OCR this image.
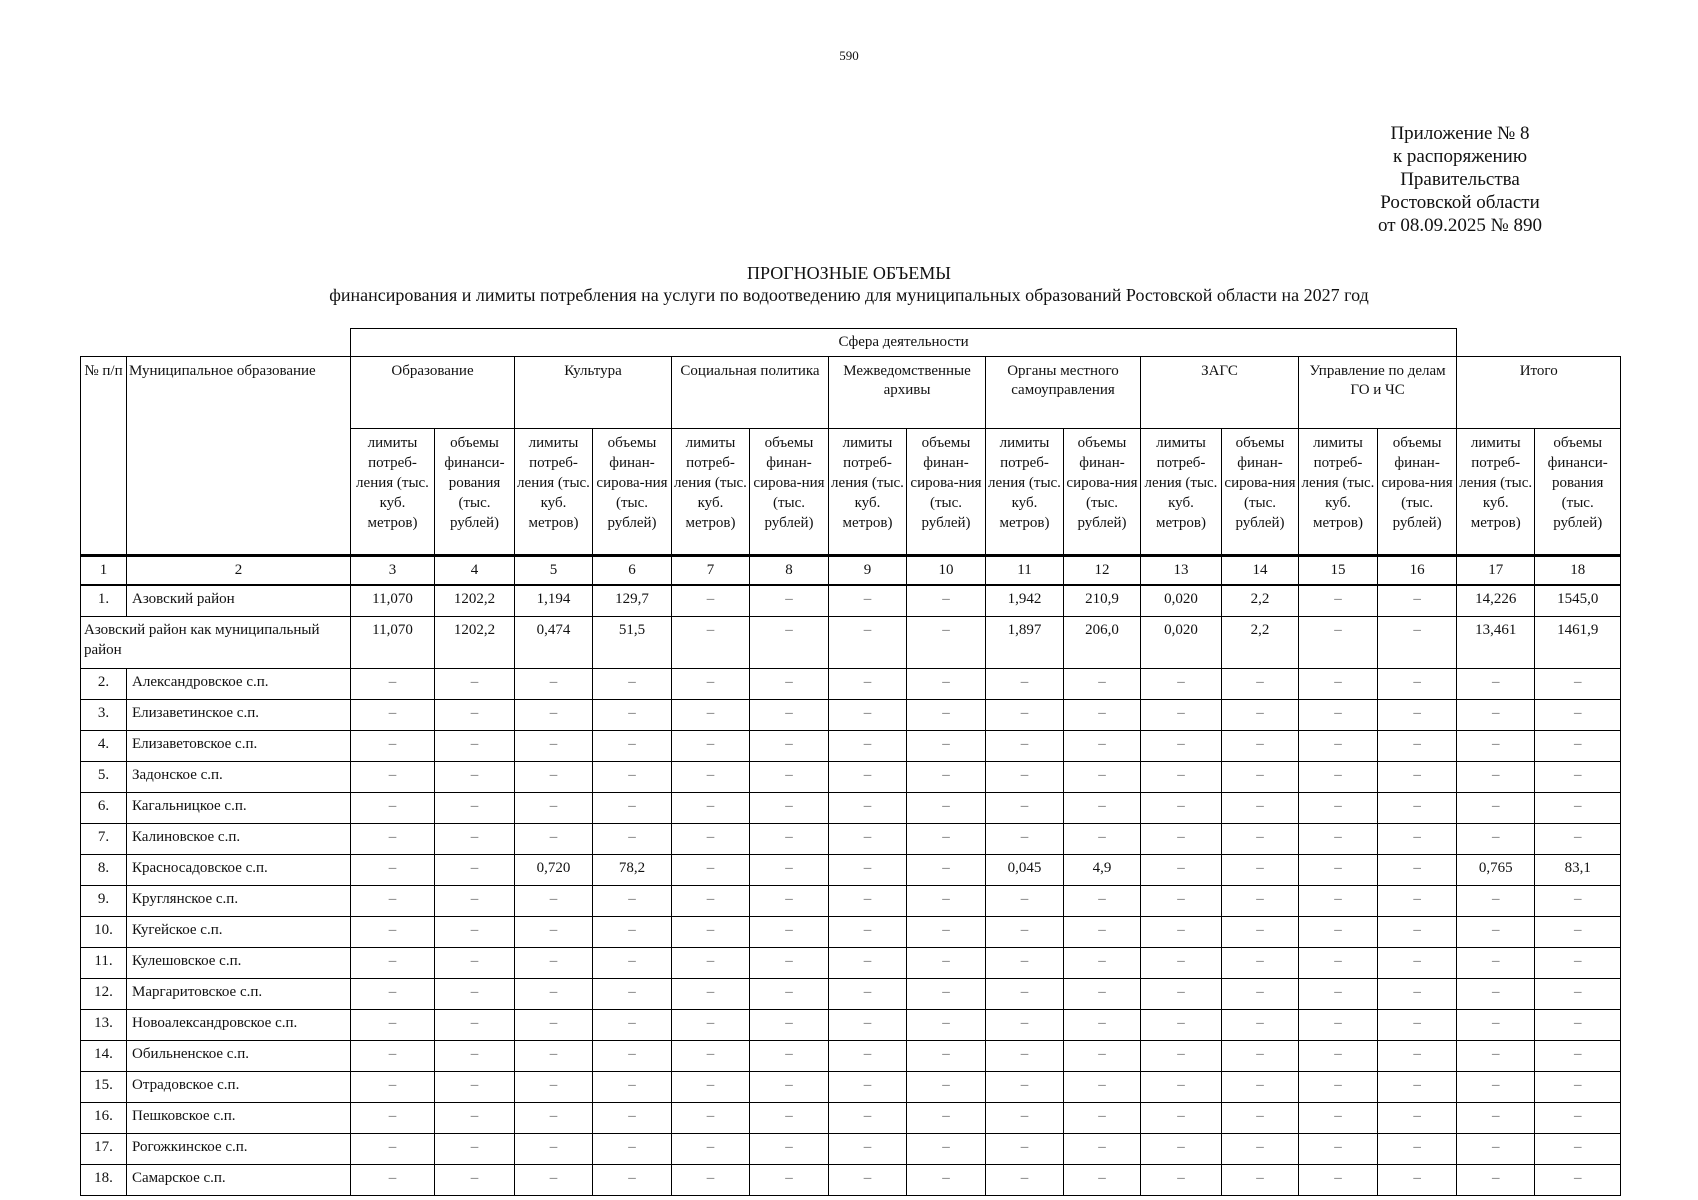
590
Приложение № 8
к распоряжению
Правительства
Ростовской области
от 08.09.2025 № 890
ПРОГНОЗНЫЕ ОБЪЕМЫ
финансирования и лимиты потребления на услуги по водоотведению для муниципальных образований Ростовской области на 2027 год
		Сфера деятельности															
№ п/п	Муниципальное образование	Образование		Культура		Социальная политика		Межведомственные архивы		Органы местного самоуправления		ЗАГС		Управление по делам ГО и ЧС		Итого	
		лимиты потреб-ления (тыс. куб. метров)	объемы финанси-рования (тыс. рублей)	лимиты потреб-ления (тыс. куб. метров)	объемы финан-сирова-ния (тыс. рублей)	лимиты потреб-ления (тыс. куб. метров)	объемы финан-сирова-ния (тыс. рублей)	лимиты потреб-ления (тыс. куб. метров)	объемы финан-сирова-ния (тыс. рублей)	лимиты потреб-ления (тыс. куб. метров)	объемы финан-сирова-ния (тыс. рублей)	лимиты потреб-ления (тыс. куб. метров)	объемы финан-сирова-ния (тыс. рублей)	лимиты потреб-ления (тыс. куб. метров)	объемы финан-сирова-ния (тыс. рублей)	лимиты потреб-ления (тыс. куб. метров)	объемы финанси-рования (тыс. рублей)
1	2	3	4	5	6	7	8	9	10	11	12	13	14	15	16	17	18
1.	Азовский район	11,070	1202,2	1,194	129,7	–	–	–	–	1,942	210,9	0,020	2,2	–	–	14,226	1545,0
Азовский район как муниципальный район		11,070	1202,2	0,474	51,5	–	–	–	–	1,897	206,0	0,020	2,2	–	–	13,461	1461,9
2.	Александровское с.п.	–	–	–	–	–	–	–	–	–	–	–	–	–	–	–	–
3.	Елизаветинское с.п.	–	–	–	–	–	–	–	–	–	–	–	–	–	–	–	–
4.	Елизаветовское с.п.	–	–	–	–	–	–	–	–	–	–	–	–	–	–	–	–
5.	Задонское с.п.	–	–	–	–	–	–	–	–	–	–	–	–	–	–	–	–
6.	Кагальницкое с.п.	–	–	–	–	–	–	–	–	–	–	–	–	–	–	–	–
7.	Калиновское с.п.	–	–	–	–	–	–	–	–	–	–	–	–	–	–	–	–
8.	Красносадовское с.п.	–	–	0,720	78,2	–	–	–	–	0,045	4,9	–	–	–	–	0,765	83,1
9.	Круглянское с.п.	–	–	–	–	–	–	–	–	–	–	–	–	–	–	–	–
10.	Кугейское с.п.	–	–	–	–	–	–	–	–	–	–	–	–	–	–	–	–
11.	Кулешовское с.п.	–	–	–	–	–	–	–	–	–	–	–	–	–	–	–	–
12.	Маргаритовское с.п.	–	–	–	–	–	–	–	–	–	–	–	–	–	–	–	–
13.	Новоалександровское с.п.	–	–	–	–	–	–	–	–	–	–	–	–	–	–	–	–
14.	Обильненское с.п.	–	–	–	–	–	–	–	–	–	–	–	–	–	–	–	–
15.	Отрадовское с.п.	–	–	–	–	–	–	–	–	–	–	–	–	–	–	–	–
16.	Пешковское с.п.	–	–	–	–	–	–	–	–	–	–	–	–	–	–	–	–
17.	Рогожкинское с.п.	–	–	–	–	–	–	–	–	–	–	–	–	–	–	–	–
18.	Самарское с.п.	–	–	–	–	–	–	–	–	–	–	–	–	–	–	–	–
